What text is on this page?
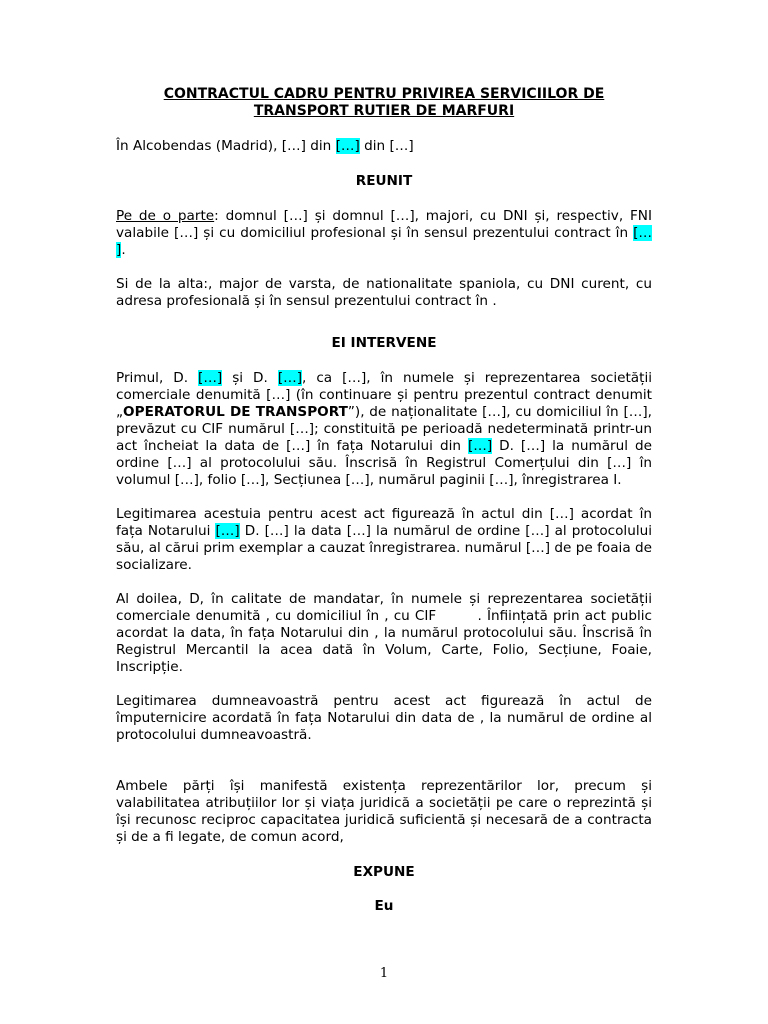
CONTRACTUL CADRU PENTRU PRIVIREA SERVICIILOR DE
TRANSPORT RUTIER DE MARFURI

În Alcobendas (Madrid), […] din […] din […]

REUNIT

Pe de o parte: domnul […] și domnul […], majori, cu DNI și, respectiv, FNI valabile […] și cu domiciliul profesional și în sensul prezentului contract în [… ].

Si de la alta:, major de varsta, de nationalitate spaniola, cu DNI curent, cu adresa profesională și în sensul prezentului contract în .

EI INTERVENE

Primul, D. […] și D. […], ca […], în numele și reprezentarea societății comerciale denumită […] (în continuare și pentru prezentul contract denumit „OPERATORUL DE TRANSPORT”), de naționalitate […], cu domiciliul în […], prevăzut cu CIF numărul […]; constituită pe perioadă nedeterminată printr-un act încheiat la data de […] în fața Notarului din […] D. […] la numărul de ordine […] al protocolului său. Înscrisă în Registrul Comerțului din […] în volumul […], folio […], Secțiunea […], numărul paginii […], înregistrarea I.

Legitimarea acestuia pentru acest act figurează în actul din […] acordat în fața Notarului […] D. […] la data […] la numărul de ordine […] al protocolului său, al cărui prim exemplar a cauzat înregistrarea. numărul […] de pe foaia de socializare.

Al doilea, D, în calitate de mandatar, în numele și reprezentarea societății comerciale denumită , cu domiciliul în , cu CIF        . Înființată prin act public acordat la data, în fața Notarului din , la numărul protocolului său. Înscrisă în Registrul Mercantil la acea dată în Volum, Carte, Folio, Secțiune, Foaie, Inscripție.

Legitimarea dumneavoastră pentru acest act figurează în actul de împuternicire acordată în fața Notarului din data de , la numărul de ordine al protocolului dumneavoastră.

Ambele părți își manifestă existența reprezentărilor lor, precum și valabilitatea atribuțiilor lor și viața juridică a societății pe care o reprezintă și își recunosc reciproc capacitatea juridică suficientă și necesară de a contracta și de a fi legate, de comun acord,

EXPUNE
Eu
1
